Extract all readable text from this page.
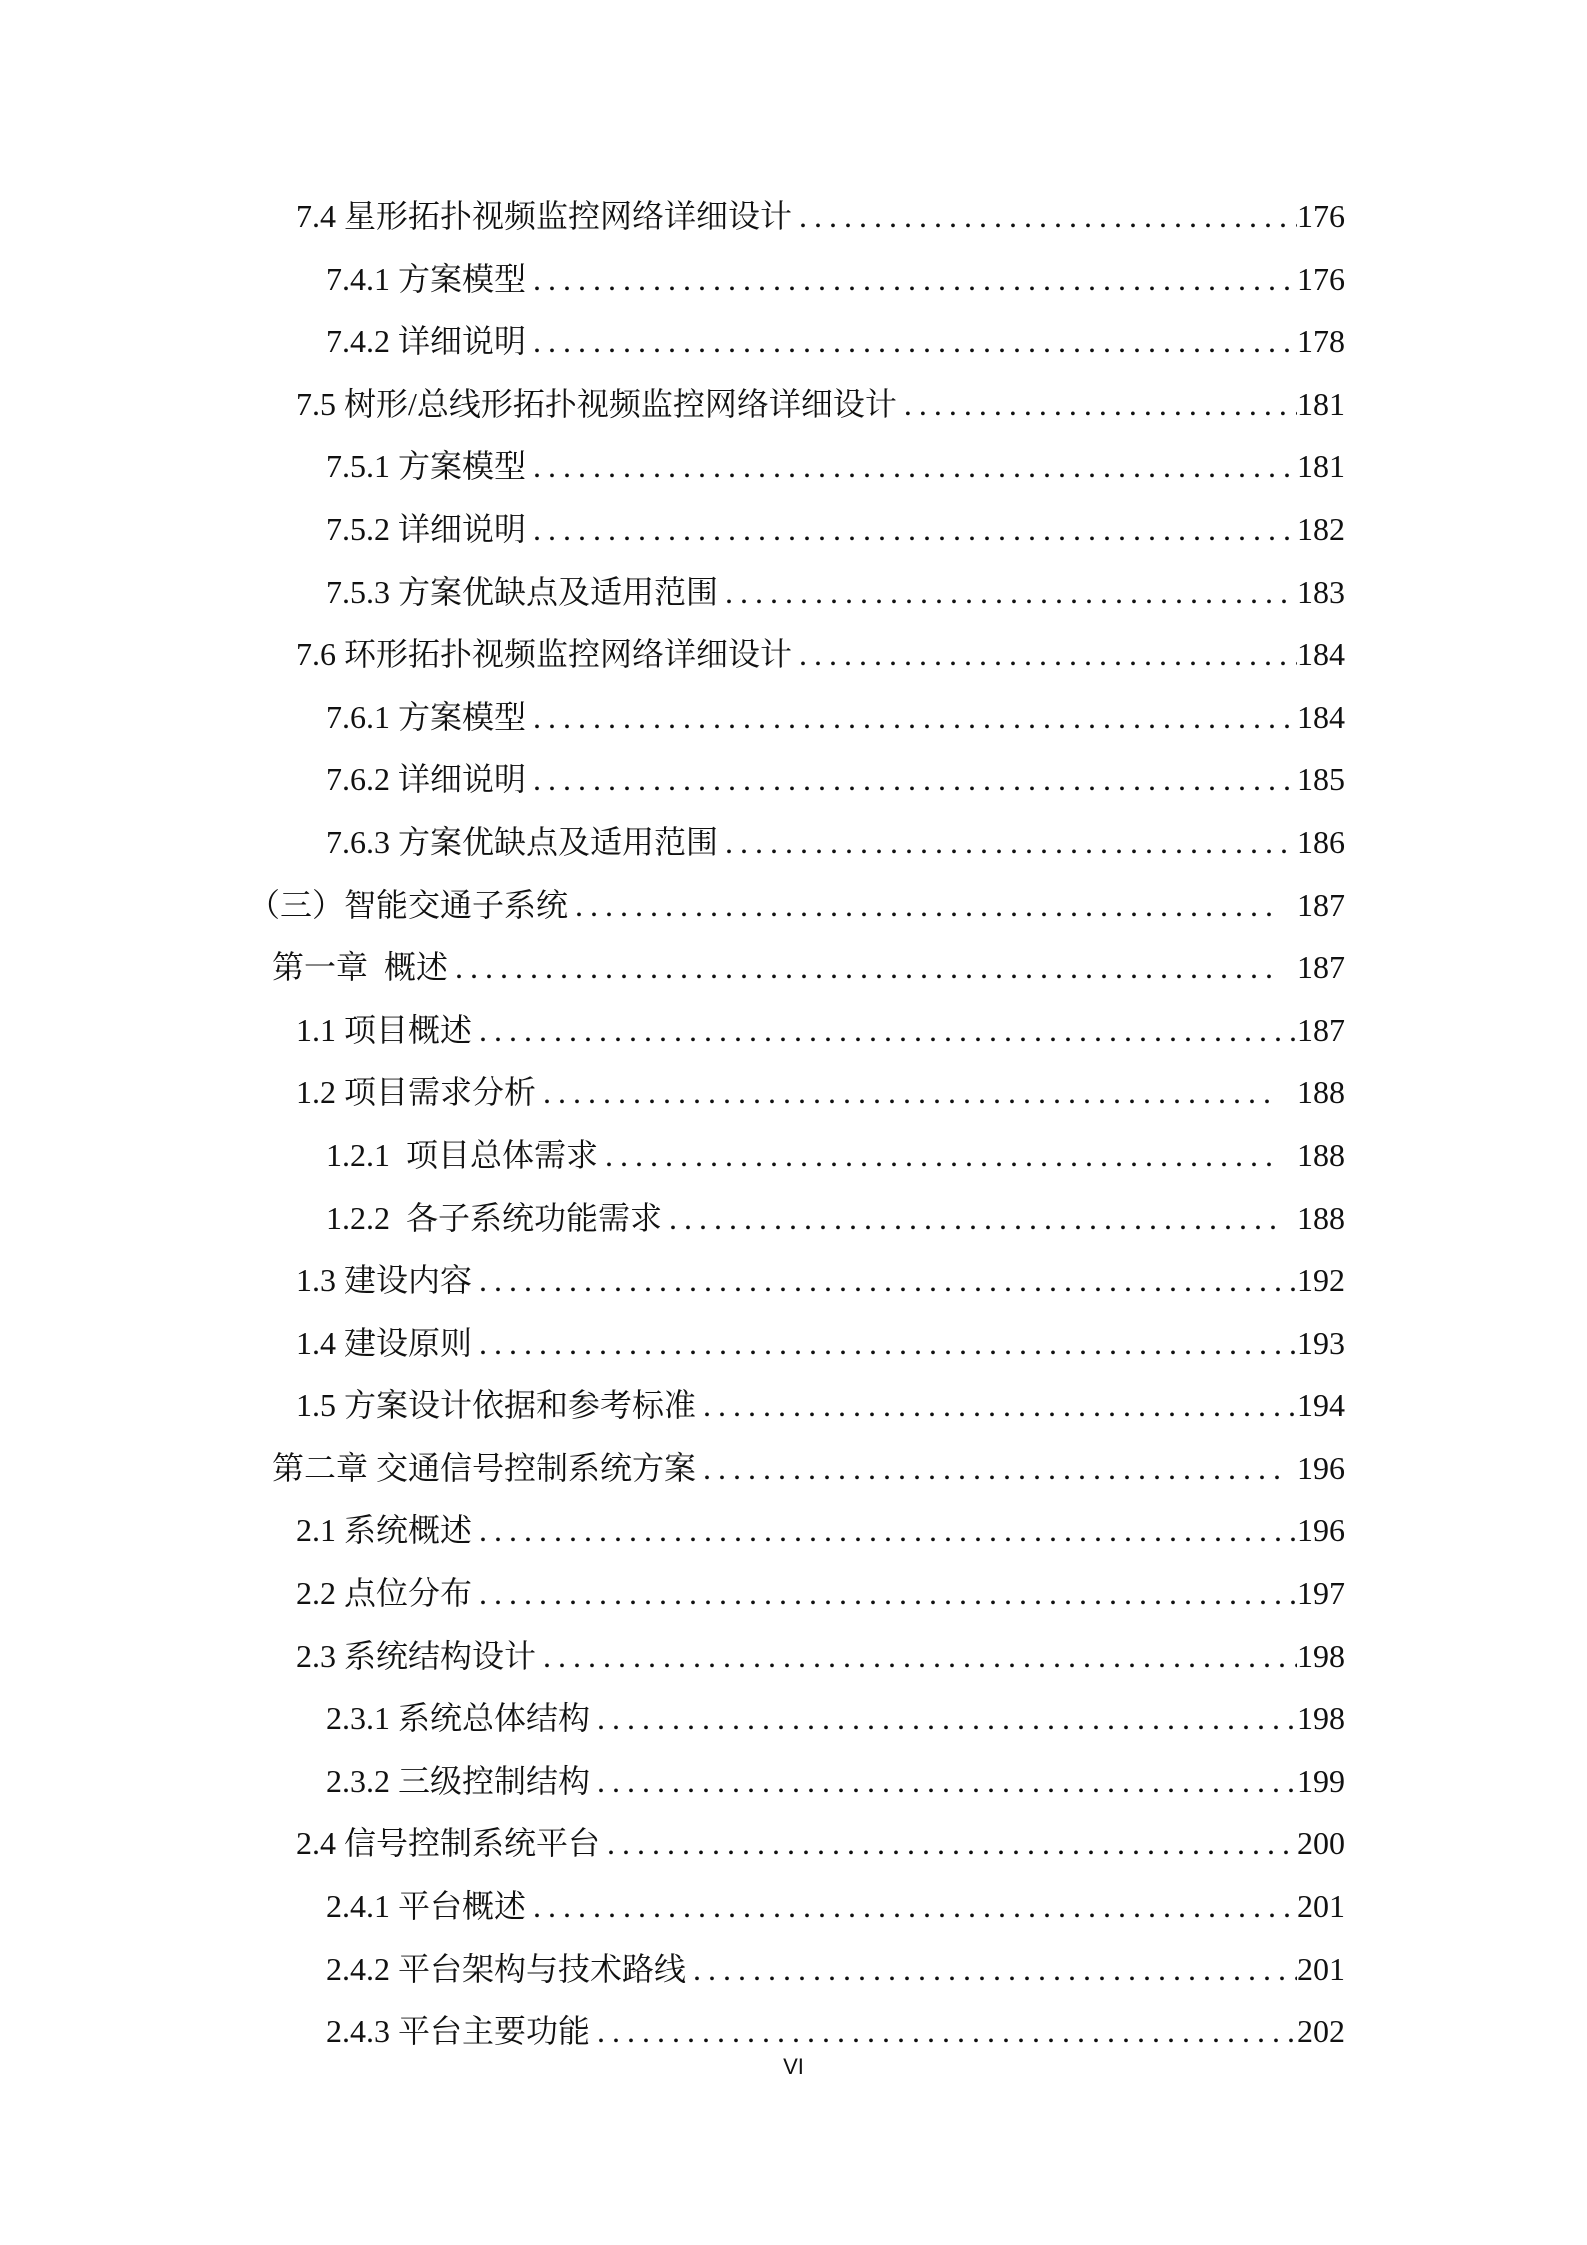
7.4 星形拓扑视频监控网络详细设计 .....	176
7.4.1 方案模型 .....	176
7.4.2 详细说明 .....	178
7.5 树形/总线形拓扑视频监控网络详细设计 .....	181
7.5.1 方案模型 .....	181
7.5.2 详细说明 .....	182
7.5.3 方案优缺点及适用范围 .....	183
7.6 环形拓扑视频监控网络详细设计 .....	184
7.6.1 方案模型 .....	184
7.6.2 详细说明 .....	185
7.6.3 方案优缺点及适用范围 .....	186
（三）智能交通子系统 .....	187
第一章  概述 .....	187
1.1 项目概述 .....	187
1.2 项目需求分析 .....	188
1.2.1  项目总体需求 .....	188
1.2.2  各子系统功能需求 .....	188
1.3 建设内容 .....	192
1.4 建设原则 .....	193
1.5 方案设计依据和参考标准 .....	194
第二章 交通信号控制系统方案 .....	196
2.1 系统概述 .....	196
2.2 点位分布 .....	197
2.3 系统结构设计 .....	198
2.3.1 系统总体结构 .....	198
2.3.2 三级控制结构 .....	199
2.4 信号控制系统平台 .....	200
2.4.1 平台概述 .....	201
2.4.2 平台架构与技术路线 .....	201
2.4.3 平台主要功能 .....	202
VI
